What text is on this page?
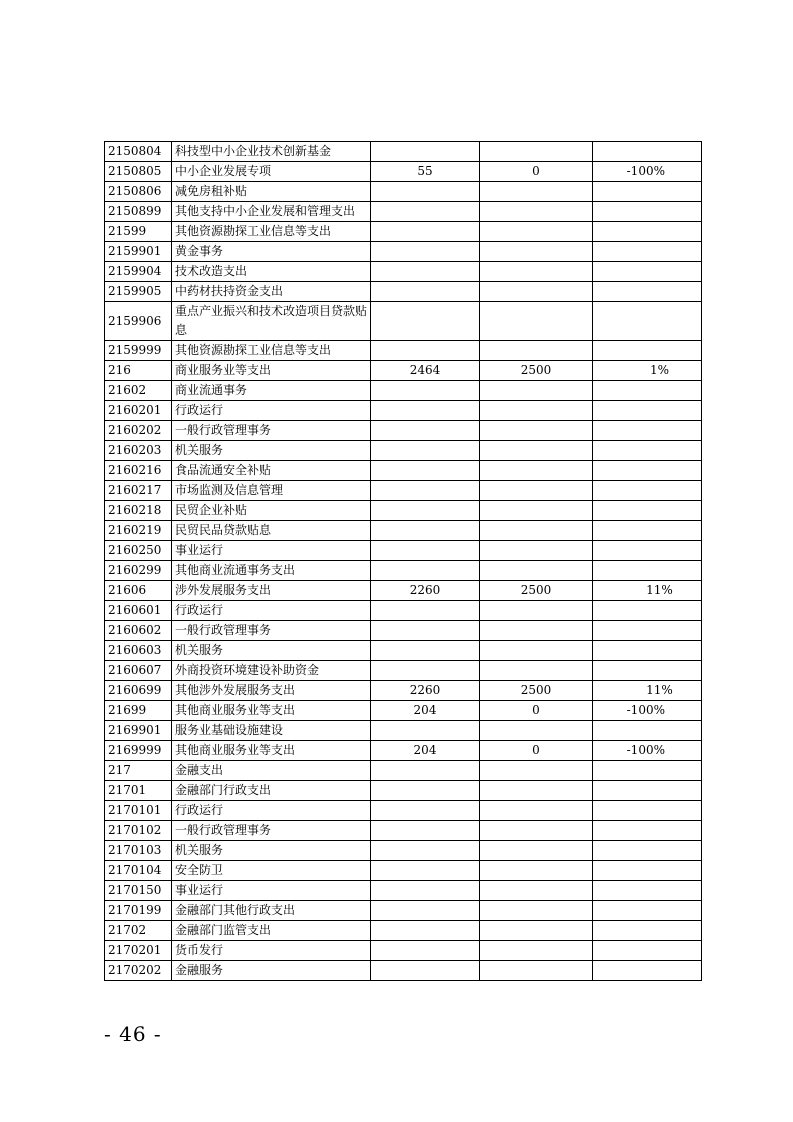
2150804	科技型中小企业技术创新基金			
2150805	中小企业发展专项	55	0	-100%
2150806	减免房租补贴			
2150899	其他支持中小企业发展和管理支出			
21599	其他资源勘探工业信息等支出			
2159901	黄金事务			
2159904	技术改造支出			
2159905	中药材扶持资金支出			
2159906	重点产业振兴和技术改造项目贷款贴息			
2159999	其他资源勘探工业信息等支出			
216	商业服务业等支出	2464	2500	1%
21602	商业流通事务			
2160201	行政运行			
2160202	一般行政管理事务			
2160203	机关服务			
2160216	食品流通安全补贴			
2160217	市场监测及信息管理			
2160218	民贸企业补贴			
2160219	民贸民品贷款贴息			
2160250	事业运行			
2160299	其他商业流通事务支出			
21606	涉外发展服务支出	2260	2500	11%
2160601	行政运行			
2160602	一般行政管理事务			
2160603	机关服务			
2160607	外商投资环境建设补助资金			
2160699	其他涉外发展服务支出	2260	2500	11%
21699	其他商业服务业等支出	204	0	-100%
2169901	服务业基础设施建设			
2169999	其他商业服务业等支出	204	0	-100%
217	金融支出			
21701	金融部门行政支出			
2170101	行政运行			
2170102	一般行政管理事务			
2170103	机关服务			
2170104	安全防卫			
2170150	事业运行			
2170199	金融部门其他行政支出			
21702	金融部门监管支出			
2170201	货币发行			
2170202	金融服务			
- 46 -
